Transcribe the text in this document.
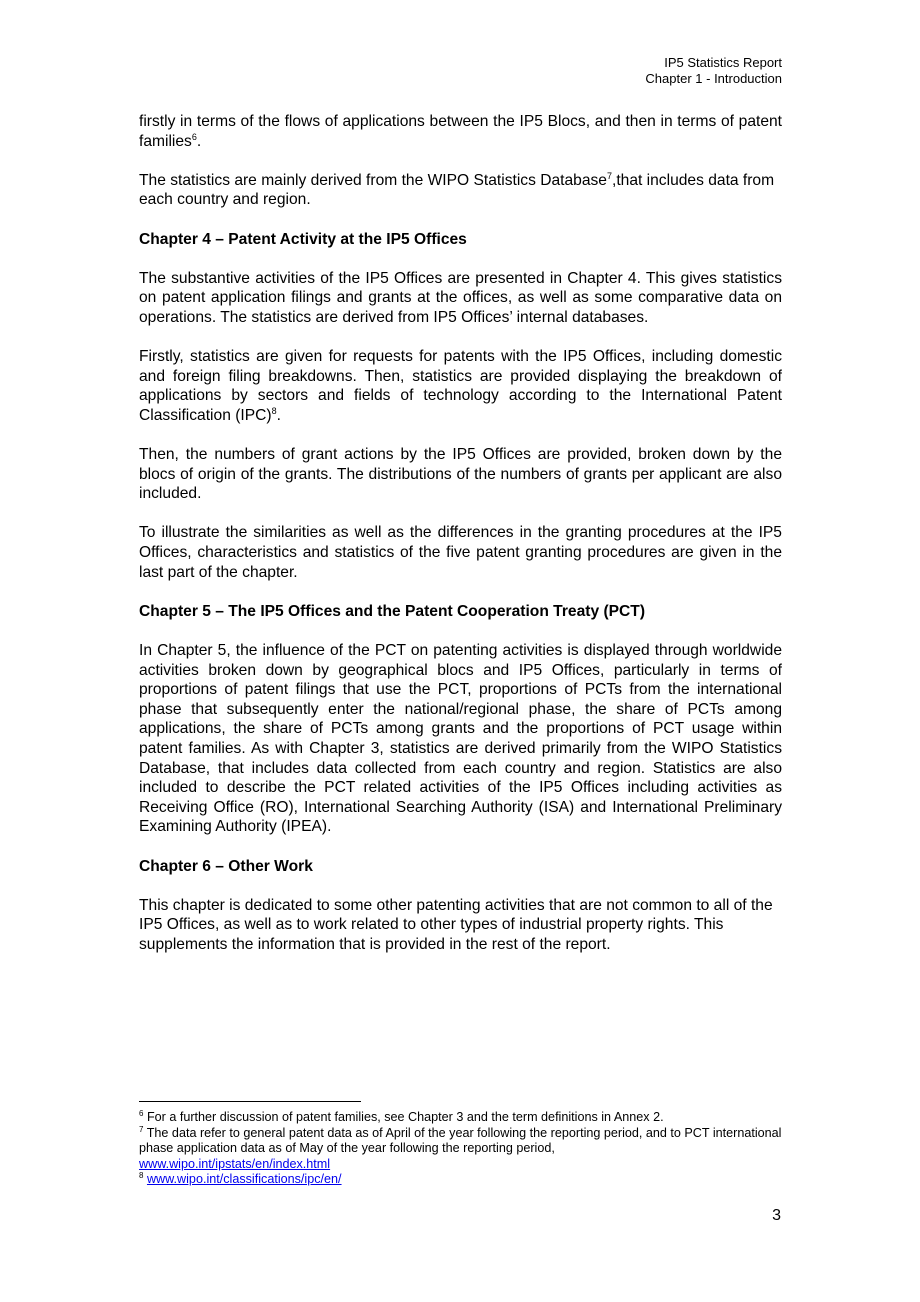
IP5 Statistics Report
Chapter 1 - Introduction

firstly in terms of the flows of applications between the IP5 Blocs, and then in terms of patent families$^6$.

The statistics are mainly derived from the WIPO Statistics Database$^7$,that includes data from each country and region.

Chapter 4 – Patent Activity at the IP5 Offices

The substantive activities of the IP5 Offices are presented in Chapter 4. This gives statistics on patent application filings and grants at the offices, as well as some comparative data on operations. The statistics are derived from IP5 Offices’ internal databases.

Firstly, statistics are given for requests for patents with the IP5 Offices, including domestic and foreign filing breakdowns. Then, statistics are provided displaying the breakdown of applications by sectors and fields of technology according to the International Patent Classification (IPC)$^8$.

Then, the numbers of grant actions by the IP5 Offices are provided, broken down by the blocs of origin of the grants. The distributions of the numbers of grants per applicant are also included.

To illustrate the similarities as well as the differences in the granting procedures at the IP5 Offices, characteristics and statistics of the five patent granting procedures are given in the last part of the chapter.

Chapter 5 – The IP5 Offices and the Patent Cooperation Treaty (PCT)

In Chapter 5, the influence of the PCT on patenting activities is displayed through worldwide activities broken down by geographical blocs and IP5 Offices, particularly in terms of proportions of patent filings that use the PCT, proportions of PCTs from the international phase that subsequently enter the national/regional phase, the share of PCTs among applications, the share of PCTs among grants and the proportions of PCT usage within patent families. As with Chapter 3, statistics are derived primarily from the WIPO Statistics Database, that includes data collected from each country and region. Statistics are also included to describe the PCT related activities of the IP5 Offices including activities as Receiving Office (RO), International Searching Authority (ISA) and International Preliminary Examining Authority (IPEA).

Chapter 6 – Other Work

This chapter is dedicated to some other patenting activities that are not common to all of the IP5 Offices, as well as to work related to other types of industrial property rights. This supplements the information that is provided in the rest of the report.

$^6$ For a further discussion of patent families, see Chapter 3 and the term definitions in Annex 2.

$^7$ The data refer to general patent data as of April of the year following the reporting period, and to PCT international phase application data as of May of the year following the reporting period,
www.wipo.int/ipstats/en/index.html

$^8$ www.wipo.int/classifications/ipc/en/

3
